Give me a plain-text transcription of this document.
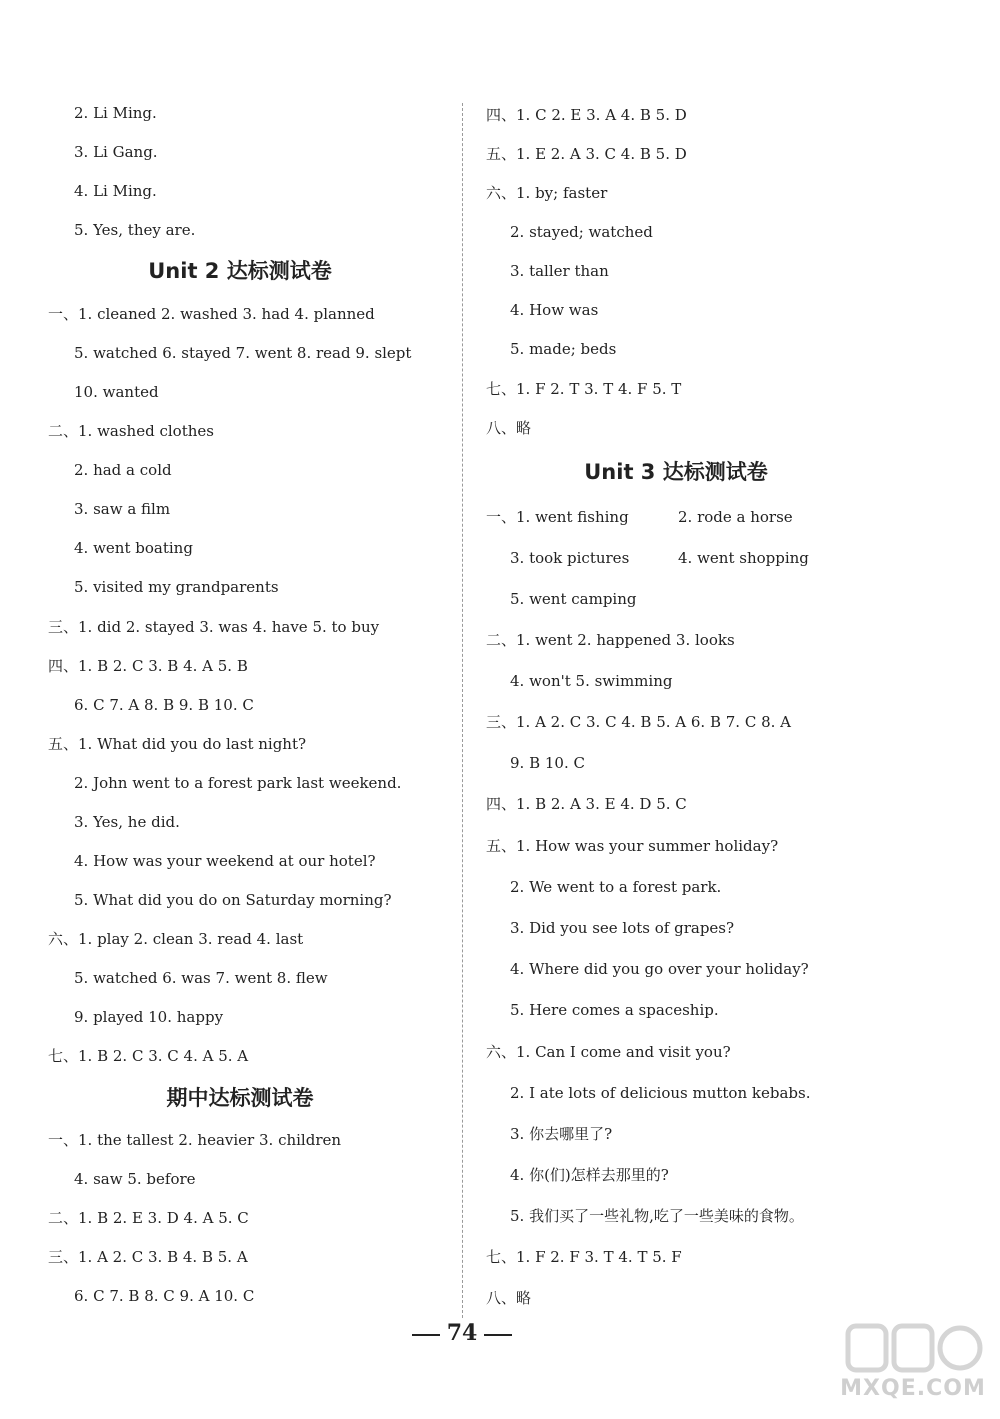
2. Li Ming.
3. Li Gang.
4. Li Ming.
5. Yes, they are.
Unit 2 达标测试卷
一、1. cleaned 2. washed 3. had 4. planned
5. watched 6. stayed 7. went 8. read 9. slept
10. wanted
二、1. washed clothes
2. had a cold
3. saw a film
4. went boating
5. visited my grandparents
三、1. did 2. stayed 3. was 4. have 5. to buy
四、1. B 2. C 3. B 4. A 5. B
6. C 7. A 8. B 9. B 10. C
五、1. What did you do last night?
2. John went to a forest park last weekend.
3. Yes, he did.
4. How was your weekend at our hotel?
5. What did you do on Saturday morning?
六、1. play 2. clean 3. read 4. last
5. watched 6. was 7. went 8. flew
9. played 10. happy
七、1. B 2. C 3. C 4. A 5. A
期中达标测试卷
一、1. the tallest 2. heavier 3. children
4. saw 5. before
二、1. B 2. E 3. D 4. A 5. C
三、1. A 2. C 3. B 4. B 5. A
6. C 7. B 8. C 9. A 10. C
四、1. C 2. E 3. A 4. B 5. D
五、1. E 2. A 3. C 4. B 5. D
六、1. by; faster
2. stayed; watched
3. taller than
4. How was
5. made; beds
七、1. F 2. T 3. T 4. F 5. T
八、略
Unit 3 达标测试卷
一、1. went fishing	2. rode a horse
3. took pictures	4. went shopping
5. went camping
二、1. went 2. happened 3. looks
4. won't 5. swimming
三、1. A 2. C 3. C 4. B 5. A 6. B 7. C 8. A
9. B 10. C
四、1. B 2. A 3. E 4. D 5. C
五、1. How was your summer holiday?
2. We went to a forest park.
3. Did you see lots of grapes?
4. Where did you go over your holiday?
5. Here comes a spaceship.
六、1. Can I come and visit you?
2. I ate lots of delicious mutton kebabs.
3. 你去哪里了?
4. 你(们)怎样去那里的?
5. 我们买了一些礼物,吃了一些美味的食物。
七、1. F 2. F 3. T 4. T 5. F
八、略
74
MXQE.COM
